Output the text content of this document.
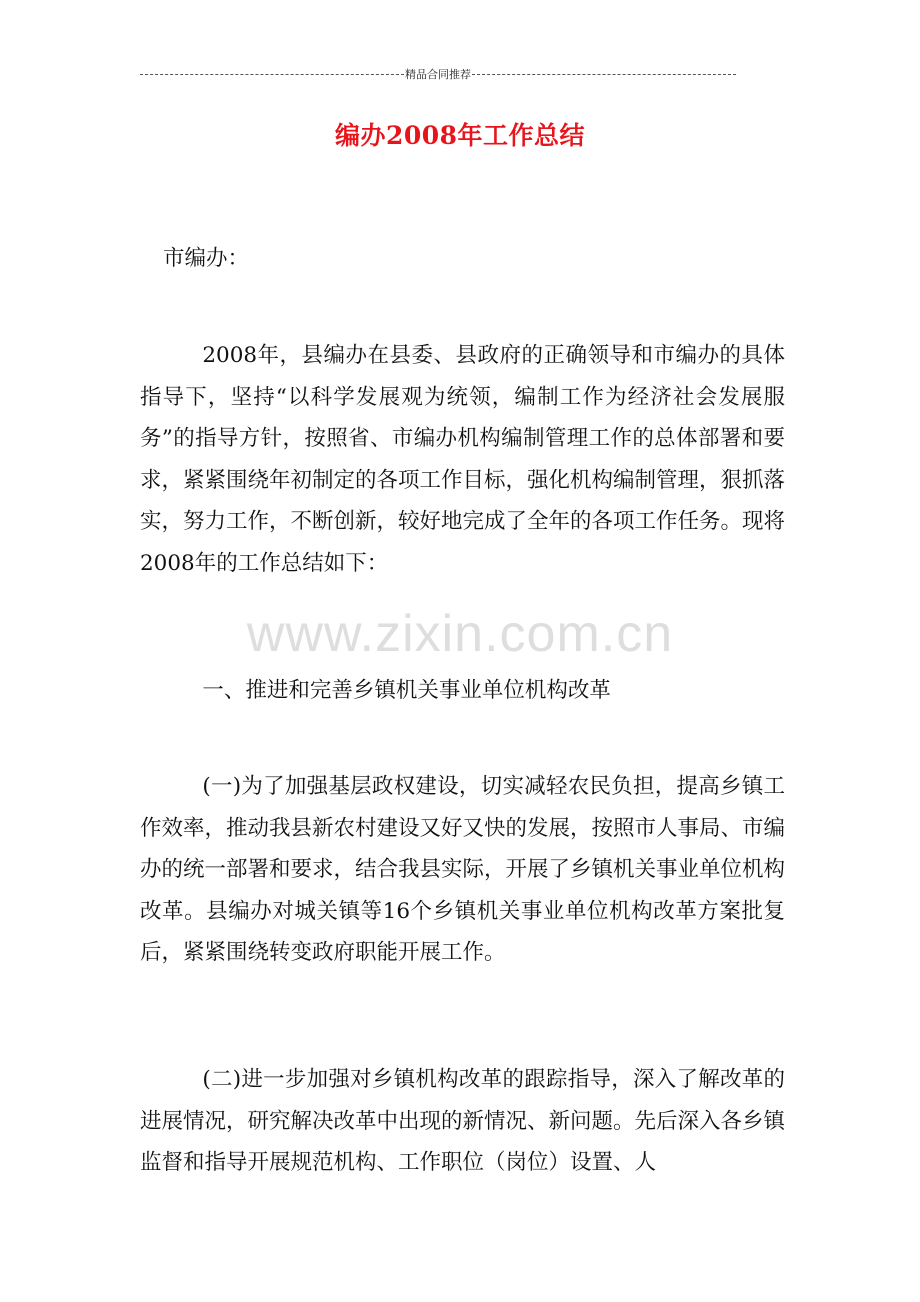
精品合同推荐
编办2008年工作总结
市编办：

2008年，县编办在县委、县政府的正确领导和市编办的具体指导下，坚持“以科学发展观为统领，编制工作为经济社会发展服务”的指导方针，按照省、市编办机构编制管理工作的总体部署和要求，紧紧围绕年初制定的各项工作目标，强化机构编制管理，狠抓落实，努力工作，不断创新，较好地完成了全年的各项工作任务。现将2008年的工作总结如下：

一、推进和完善乡镇机关事业单位机构改革

(一)为了加强基层政权建设，切实减轻农民负担，提高乡镇工作效率，推动我县新农村建设又好又快的发展，按照市人事局、市编办的统一部署和要求，结合我县实际，开展了乡镇机关事业单位机构改革。县编办对城关镇等16个乡镇机关事业单位机构改革方案批复后，紧紧围绕转变政府职能开展工作。

(二)进一步加强对乡镇机构改革的跟踪指导，深入了解改革的进展情况，研究解决改革中出现的新情况、新问题。先后深入各乡镇监督和指导开展规范机构、工作职位（岗位）设置、人

www.zixin.com.cn
